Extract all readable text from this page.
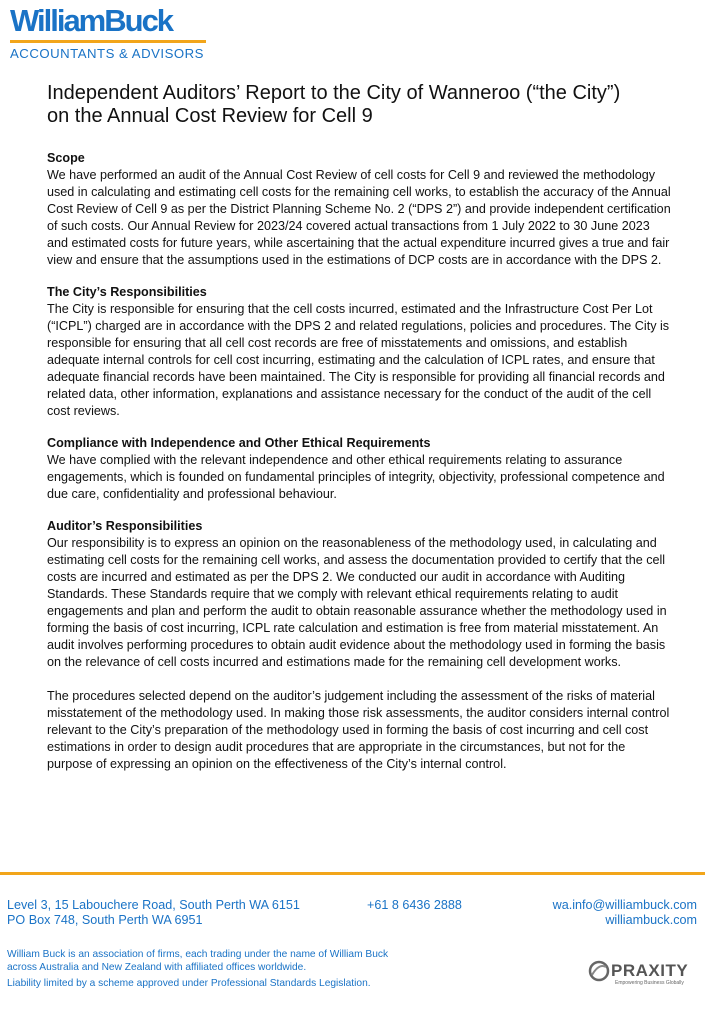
WilliamBuck
ACCOUNTANTS & ADVISORS
Independent Auditors’ Report to the City of Wanneroo (“the City”)
on the Annual Cost Review for Cell 9
Scope

We have performed an audit of the Annual Cost Review of cell costs for Cell 9 and reviewed the methodology used in calculating and estimating cell costs for the remaining cell works, to establish the accuracy of the Annual Cost Review of Cell 9 as per the District Planning Scheme No. 2 (“DPS 2”) and provide independent certification of such costs. Our Annual Review for 2023/24 covered actual transactions from 1 July 2022 to 30 June 2023 and estimated costs for future years, while ascertaining that the actual expenditure incurred gives a true and fair view and ensure that the assumptions used in the estimations of DCP costs are in accordance with the DPS 2.

The City’s Responsibilities

The City is responsible for ensuring that the cell costs incurred, estimated and the Infrastructure Cost Per Lot (“ICPL”) charged are in accordance with the DPS 2 and related regulations, policies and procedures. The City is responsible for ensuring that all cell cost records are free of misstatements and omissions, and establish adequate internal controls for cell cost incurring, estimating and the calculation of ICPL rates, and ensure that adequate financial records have been maintained. The City is responsible for providing all financial records and related data, other information, explanations and assistance necessary for the conduct of the audit of the cell cost reviews.

Compliance with Independence and Other Ethical Requirements

We have complied with the relevant independence and other ethical requirements relating to assurance engagements, which is founded on fundamental principles of integrity, objectivity, professional competence and due care, confidentiality and professional behaviour.

Auditor’s Responsibilities

Our responsibility is to express an opinion on the reasonableness of the methodology used, in calculating and estimating cell costs for the remaining cell works, and assess the documentation provided to certify that the cell costs are incurred and estimated as per the DPS 2. We conducted our audit in accordance with Auditing Standards. These Standards require that we comply with relevant ethical requirements relating to audit engagements and plan and perform the audit to obtain reasonable assurance whether the methodology used in forming the basis of cost incurring, ICPL rate calculation and estimation is free from material misstatement. An audit involves performing procedures to obtain audit evidence about the methodology used in forming the basis on the relevance of cell costs incurred and estimations made for the remaining cell development works.

The procedures selected depend on the auditor’s judgement including the assessment of the risks of material misstatement of the methodology used. In making those risk assessments, the auditor considers internal control relevant to the City’s preparation of the methodology used in forming the basis of cost incurring and cell cost estimations in order to design audit procedures that are appropriate in the circumstances, but not for the purpose of expressing an opinion on the effectiveness of the City’s internal control.

Level 3, 15 Labouchere Road, South Perth WA 6151
PO Box 748, South Perth WA 6951
+61 8 6436 2888	wa.info@williambuck.com
williambuck.com
William Buck is an association of firms, each trading under the name of William Buck
across Australia and New Zealand with affiliated offices worldwide.
Liability limited by a scheme approved under Professional Standards Legislation.
PRAXITY
Empowering Business Globally
